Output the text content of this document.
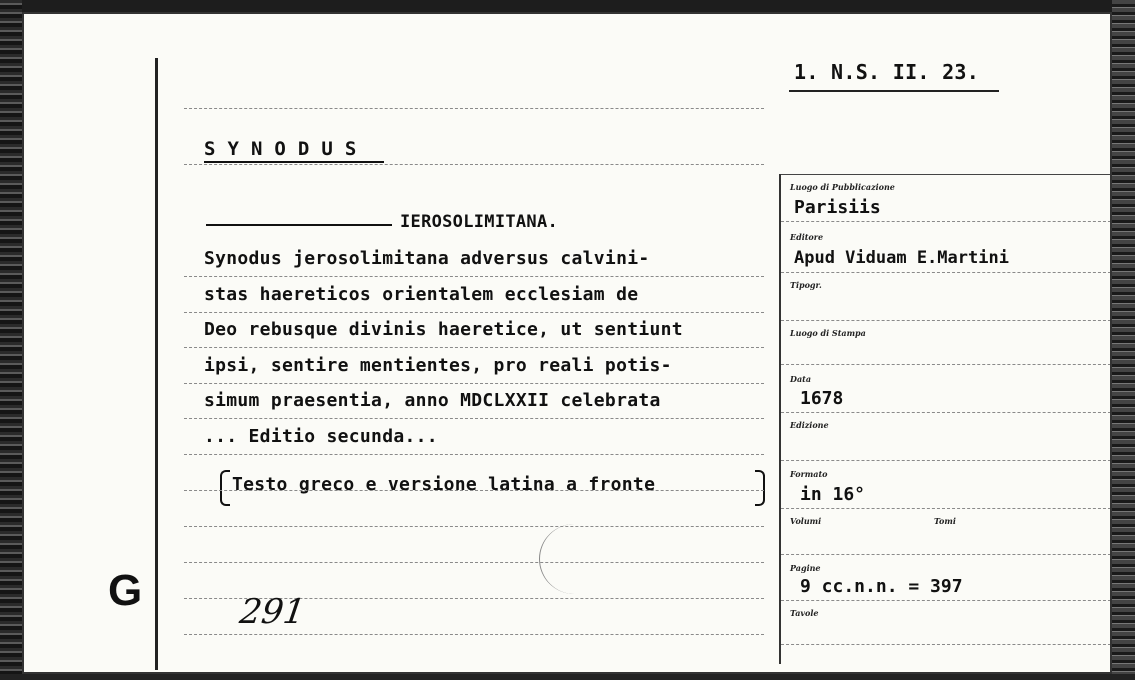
1. N.S. II. 23.
S Y N O D U S
IEROSOLIMITANA.
Synodus jerosolimitana adversus calvini-
stas haereticos orientalem ecclesiam de
Deo rebusque divinis haeretice, ut sentiunt
ipsi, sentire mentientes, pro reali potis-
simum praesentia, anno MDCLXXII celebrata
... Editio secunda...
Testo greco e versione latina a fronte
G	291
Luogo di Pubblicazione
Parisiis
Editore
Apud Viduam E.Martini
Tipogr.
Luogo di Stampa
Data
1678
Edizione
Formato
in 16°
Volumi	Tomi
Pagine
9 cc.n.n. = 397
Tavole
